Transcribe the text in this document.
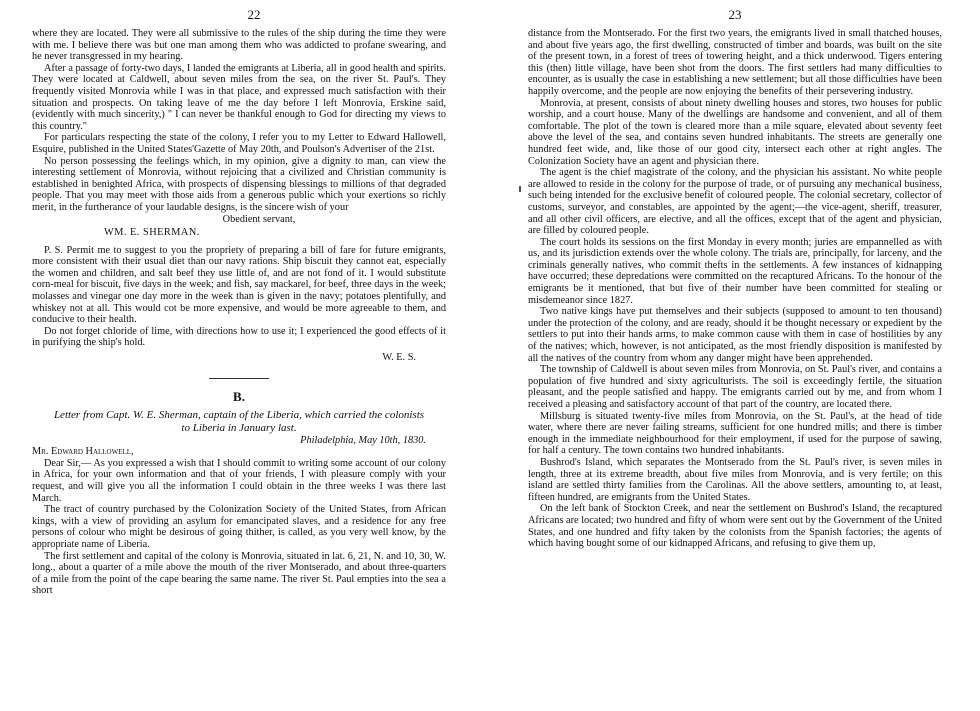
22

where they are located. They were all submissive to the rules of the ship during the time they were with me. I believe there was but one man among them who was addicted to profane swearing, and he never transgressed in my hearing.

After a passage of forty-two days, I landed the emigrants at Liberia, all in good health and spirits. They were located at Caldwell, about seven miles from the sea, on the river St. Paul's. They frequently visited Monrovia while I was in that place, and expressed much satisfaction with their situation and prospects. On taking leave of me the day before I left Monrovia, Erskine said, (evidently with much sincerity,) " I can never be thankful enough to God for directing my views to this country."

For particulars respecting the state of the colony, I refer you to my Letter to Edward Hallowell, Esquire, published in the United States'Gazette of May 20th, and Poulson's Advertiser of the 21st.

No person possessing the feelings which, in my opinion, give a dignity to man, can view the interesting settlement of Monrovia, without rejoicing that a civilized and Christian community is established in benighted Africa, with prospects of dispensing blessings to millions of that degraded people. That you may meet with those aids from a generous public which your exertions so richly merit, in the furtherance of your laudable designs, is the sincere wish of your

Obedient servant,

WM. E. SHERMAN.

P. S. Permit me to suggest to you the propriety of preparing a bill of fare for future emigrants, more consistent with their usual diet than our navy rations. Ship biscuit they cannot eat, especially the women and children, and salt beef they use little of, and are not fond of it. I would substitute corn-meal for biscuit, five days in the week; and fish, say mackarel, for beef, three days in the week; molasses and vinegar one day more in the week than is given in the navy; potatoes plentifully, and whiskey not at all. This would cot be more expensive, and would be more agreeable to them, and conducive to their health.

Do not forget chloride of lime, with directions how to use it; I experienced the good effects of it in purifying the ship's hold.

W. E. S.

B.

Letter from Capt. W. E. Sherman, captain of the Liberia, which carried the colonists to Liberia in January last.

Philadelphia, May 10th, 1830.

Mr. Edward Hallowell,

Dear Sir,— As you expressed a wish that I should commit to writing some account of our colony in Africa, for your own information and that of your friends, I with pleasure comply with your request, and will give you all the information I could obtain in the three weeks I was there last March.

The tract of country purchased by the Colonization Society of the United States, from African kings, with a view of providing an asylum for emancipated slaves, and a residence for any free persons of colour who might be desirous of going thither, is called, as you very well know, by the appropriate name of Liberia.

The first settlement and capital of the colony is Monrovia, situated in lat. 6, 21, N. and 10, 30, W. long., about a quarter of a mile above the mouth of the river Montserado, and about three-quarters of a mile from the point of the cape bearing the same name. The river St. Paul empties into the sea a short

23

distance from the Montserado. For the first two years, the emigrants lived in small thatched houses, and about five years ago, the first dwelling, constructed of timber and boards, was built on the site of the present town, in a forest of trees of towering height, and a thick underwood. Tigers entering this (then) little village, have been shot from the doors. The first settlers had many difficulties to encounter, as is usually the case in establishing a new settlement; but all those difficulties have been happily overcome, and the people are now enjoying the benefits of their persevering industry.

Monrovia, at present, consists of about ninety dwelling houses and stores, two houses for public worship, and a court house. Many of the dwellings are handsome and convenient, and all of them comfortable. The plot of the town is cleared more than a mile square, elevated about seventy feet above the level of the sea, and contains seven hundred inhabitants. The streets are generally one hundred feet wide, and, like those of our good city, intersect each other at right angles. The Colonization Society have an agent and physician there.

The agent is the chief magistrate of the colony, and the physician his assistant. No white people are allowed to reside in the colony for the purpose of trade, or of pursuing any mechanical business, such being intended for the exclusive benefit of coloured people. The colonial secretary, collector of customs, surveyor, and constables, are appointed by the agent;—the vice-agent, sheriff, treasurer, and all other civil officers, are elective, and all the offices, except that of the agent and physician, are filled by coloured people.

The court holds its sessions on the first Monday in every month; juries are empannelled as with us, and its jurisdiction extends over the whole colony. The trials are, principally, for larceny, and the criminals generally natives, who commit thefts in the settlements. A few instances of kidnapping have occurred; these depredations were committed on the recaptured Africans. To the honour of the emigrants be it mentioned, that but five of their number have been committed for stealing or misdemeanor since 1827.

Two native kings have put themselves and their subjects (supposed to amount to ten thousand) under the protection of the colony, and are ready, should it be thought necessary or expedient by the settlers to put into their hands arms, to make common cause with them in case of hostilities by any of the natives; which, however, is not anticipated, as the most friendly disposition is manifested by all the natives of the country from whom any danger might have been apprehended.

The township of Caldwell is about seven miles from Monrovia, on St. Paul's river, and contains a population of five hundred and sixty agriculturists. The soil is exceedingly fertile, the situation pleasant, and the people satisfied and happy. The emigrants carried out by me, and from whom I received a pleasing and satisfactory account of that part of the country, are located there.

Millsburg is situated twenty-five miles from Monrovia, on the St. Paul's, at the head of tide water, where there are never failing streams, sufficient for one hundred mills; and there is timber enough in the immediate neighbourhood for their employment, if used for the purpose of sawing, for half a century. The town contains two hundred inhabitants.

Bushrod's Island, which separates the Montserado from the St. Paul's river, is seven miles in length, three at its extreme breadth, about five miles from Monrovia, and is very fertile; on this island are settled thirty families from the Carolinas. All the above settlers, amounting to, at least, fifteen hundred, are emigrants from the United States.

On the left bank of Stockton Creek, and near the settlement on Bushrod's Island, the recaptured Africans are located; two hundred and fifty of whom were sent out by the Government of the United States, and one hundred and fifty taken by the colonists from the Spanish factories; the agents of which having bought some of our kidnapped Africans, and refusing to give them up,
